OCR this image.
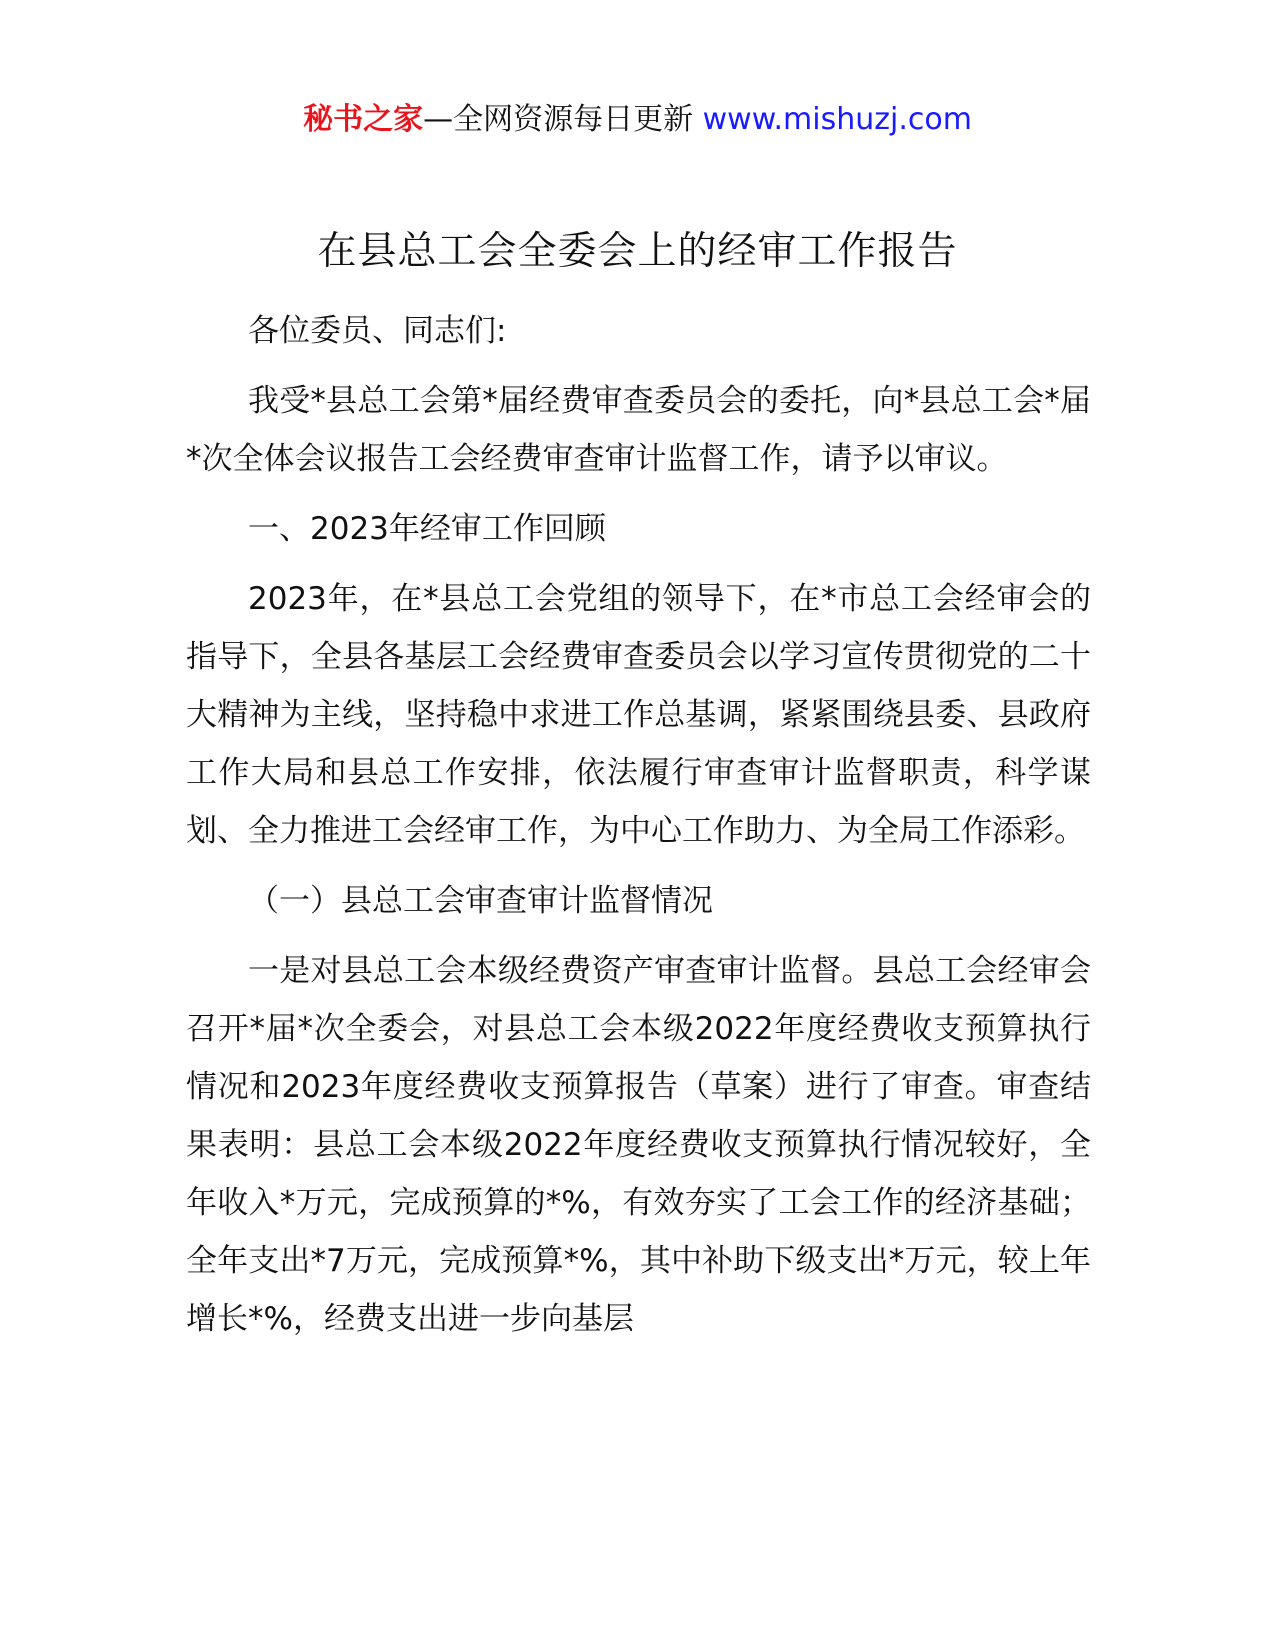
秘书之家—全网资源每日更新 www.mishuzj.com
在县总工会全委会上的经审工作报告

各位委员、同志们:

我受*县总工会第*届经费审查委员会的委托，向*县总工会*届*次全体会议报告工会经费审查审计监督工作，请予以审议。

一、2023年经审工作回顾

2023年，在*县总工会党组的领导下，在*市总工会经审会的指导下，全县各基层工会经费审查委员会以学习宣传贯彻党的二十大精神为主线，坚持稳中求进工作总基调，紧紧围绕县委、县政府工作大局和县总工作安排，依法履行审查审计监督职责，科学谋划、全力推进工会经审工作，为中心工作助力、为全局工作添彩。

（一）县总工会审查审计监督情况

一是对县总工会本级经费资产审查审计监督。县总工会经审会召开*届*次全委会，对县总工会本级2022年度经费收支预算执行情况和2023年度经费收支预算报告（草案）进行了审查。审查结果表明：县总工会本级2022年度经费收支预算执行情况较好，全年收入*万元，完成预算的*%，有效夯实了工会工作的经济基础；全年支出*7万元，完成预算*%，其中补助下级支出*万元，较上年增长*%，经费支出进一步向基层
